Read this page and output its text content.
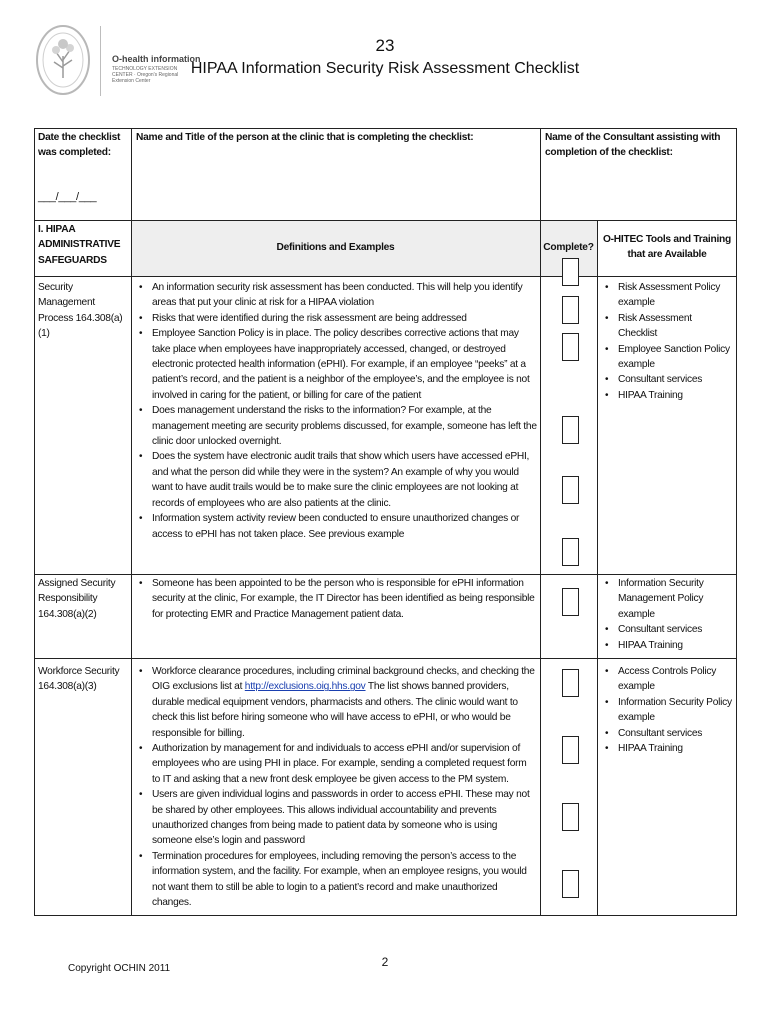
O-health information
TECHNOLOGY EXTENSION CENTER · Oregon's Regional Extension Center
23
HIPAA Information Security Risk Assessment Checklist
Date the checklist was completed:
___/___/___
Name and Title of the person at the clinic that is completing the checklist:	Name of the Consultant assisting with completion of the checklist:
I. HIPAA ADMINISTRATIVE SAFEGUARDS
Definitions and Examples	Complete?
O-HITEC Tools and Training that are Available
Security Management
Process 164.308(a)(1)
• An information security risk assessment has been conducted. This will help you identify areas that put your clinic at risk for a HIPAA violation
• Risks that were identified during the risk assessment are being addressed
• Employee Sanction Policy is in place. The policy describes corrective actions that may take place when employees have inappropriately accessed, changed, or destroyed electronic protected health information (ePHI). For example, if an employee “peeks” at a patient’s record, and the patient is a neighbor of the employee’s, and the employee is not involved in caring for the patient, or billing for care of the patient
• Does management understand the risks to the information? For example, at the management meeting are security problems discussed, for example, someone has left the clinic door unlocked overnight.
• Does the system have electronic audit trails that show which users have accessed ePHI, and what the person did while they were in the system? An example of why you would want to have audit trails would be to make sure the clinic employees are not looking at records of employees who are also patients at the clinic.
• Information system activity review been conducted to ensure unauthorized changes or access to ePHI has not taken place. See previous example
• Risk Assessment Policy example
• Risk Assessment Checklist
• Employee Sanction Policy example
• Consultant services
• HIPAA Training
Assigned Security
Responsibility
164.308(a)(2)
• Someone has been appointed to be the person who is responsible for ePHI information security at the clinic, For example, the IT Director has been identified as being responsible for protecting EMR and Practice Management patient data.
• Information Security Management Policy example
• Consultant services
• HIPAA Training
Workforce Security
164.308(a)(3)
• Workforce clearance procedures, including criminal background checks, and checking the OIG exclusions list at http://exclusions.oig.hhs.gov The list shows banned providers, durable medical equipment vendors, pharmacists and others. The clinic would want to check this list before hiring someone who will have access to ePHI, or who would be responsible for billing.
• Authorization by management for and individuals to access ePHI and/or supervision of employees who are using PHI in place. For example, sending a completed request form to IT and asking that a new front desk employee be given access to the PM system.
• Users are given individual logins and passwords in order to access ePHI. These may not be shared by other employees. This allows individual accountability and prevents unauthorized changes from being made to patient data by someone who is using someone else’s login and password
• Termination procedures for employees, including removing the person’s access to the information system, and the facility. For example, when an employee resigns, you would not want them to still be able to login to a patient’s record and make unauthorized changes.
• Access Controls Policy example
• Information Security Policy example
• Consultant services
• HIPAA Training
2
Copyright OCHIN 2011
